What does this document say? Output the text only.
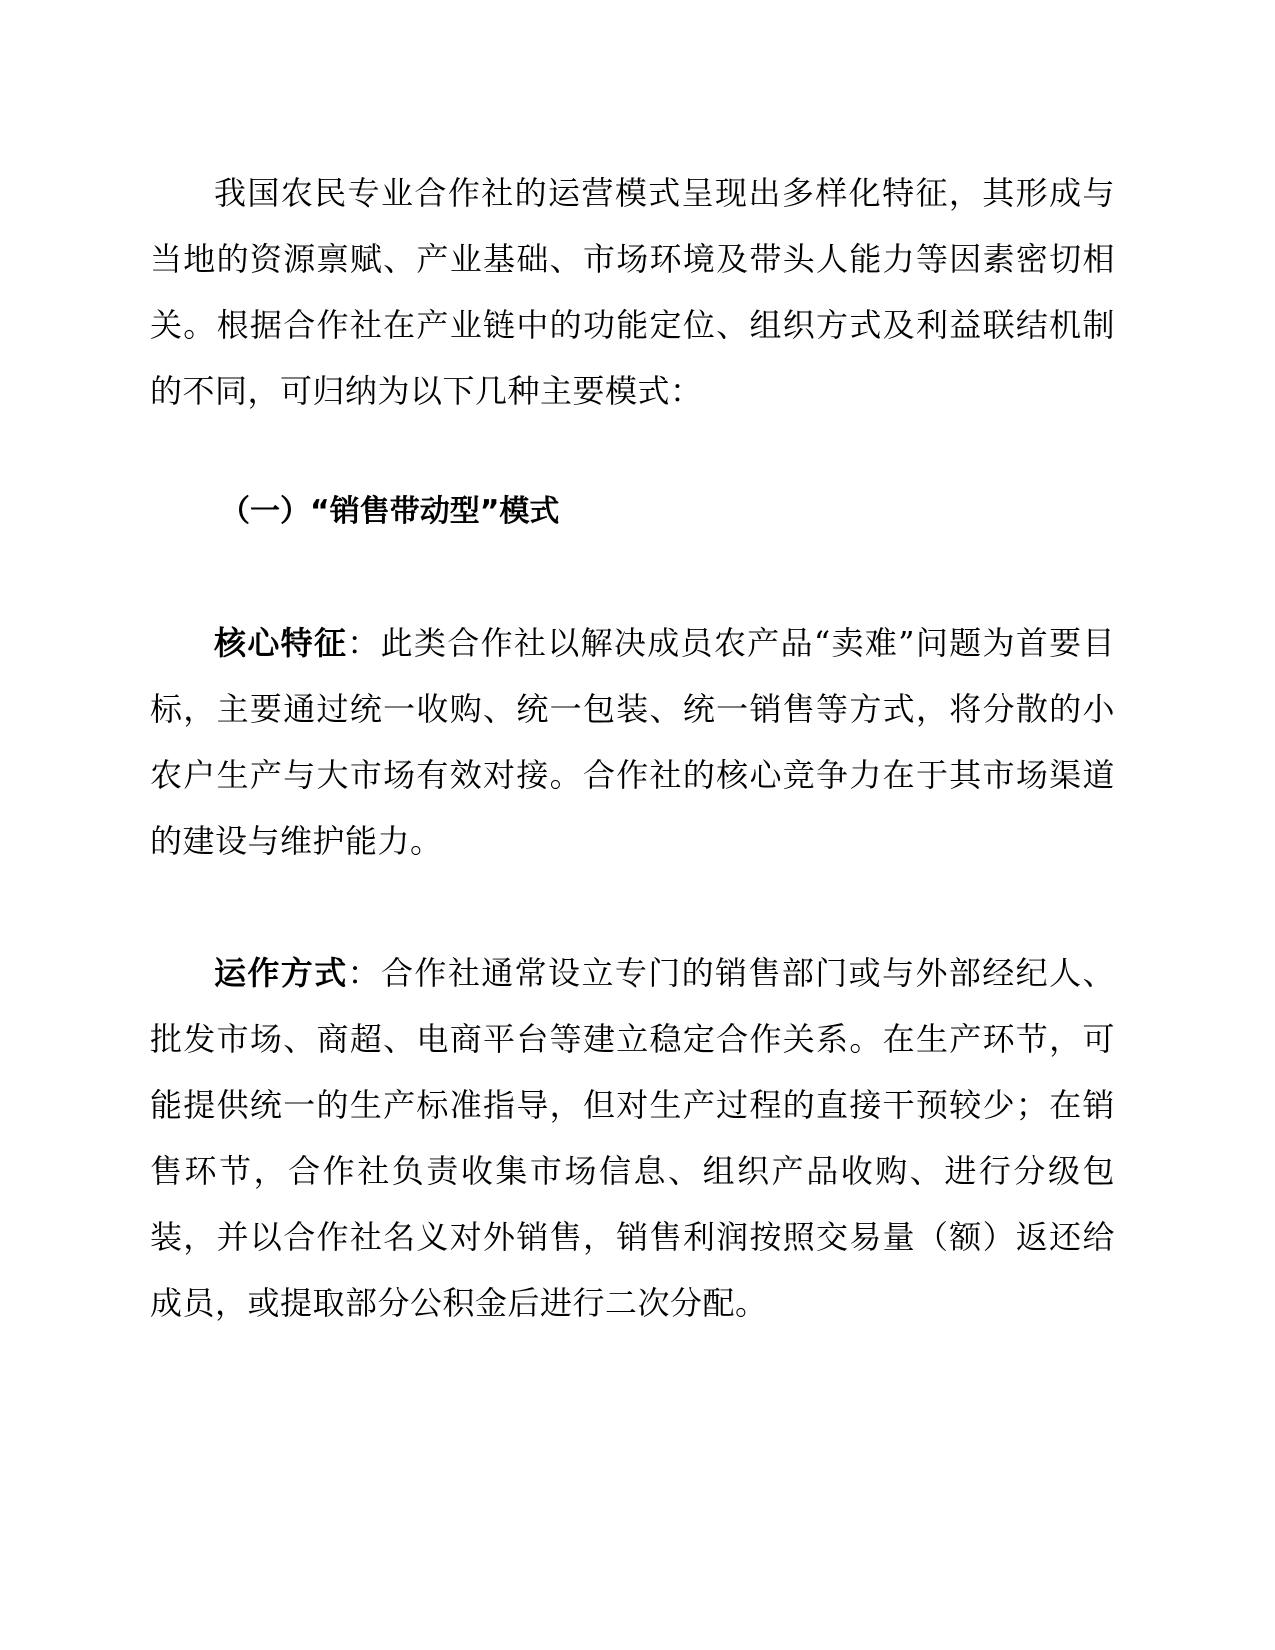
我国农民专业合作社的运营模式呈现出多样化特征，其形成与当地的资源禀赋、产业基础、市场环境及带头人能力等因素密切相关。根据合作社在产业链中的功能定位、组织方式及利益联结机制的不同，可归纳为以下几种主要模式：

（一）“销售带动型”模式

核心特征：此类合作社以解决成员农产品“卖难”问题为首要目标，主要通过统一收购、统一包装、统一销售等方式，将分散的小农户生产与大市场有效对接。合作社的核心竞争力在于其市场渠道的建设与维护能力。

运作方式：合作社通常设立专门的销售部门或与外部经纪人、批发市场、商超、电商平台等建立稳定合作关系。在生产环节，可能提供统一的生产标准指导，但对生产过程的直接干预较少；在销售环节，合作社负责收集市场信息、组织产品收购、进行分级包装，并以合作社名义对外销售，销售利润按照交易量（额）返还给成员，或提取部分公积金后进行二次分配。
